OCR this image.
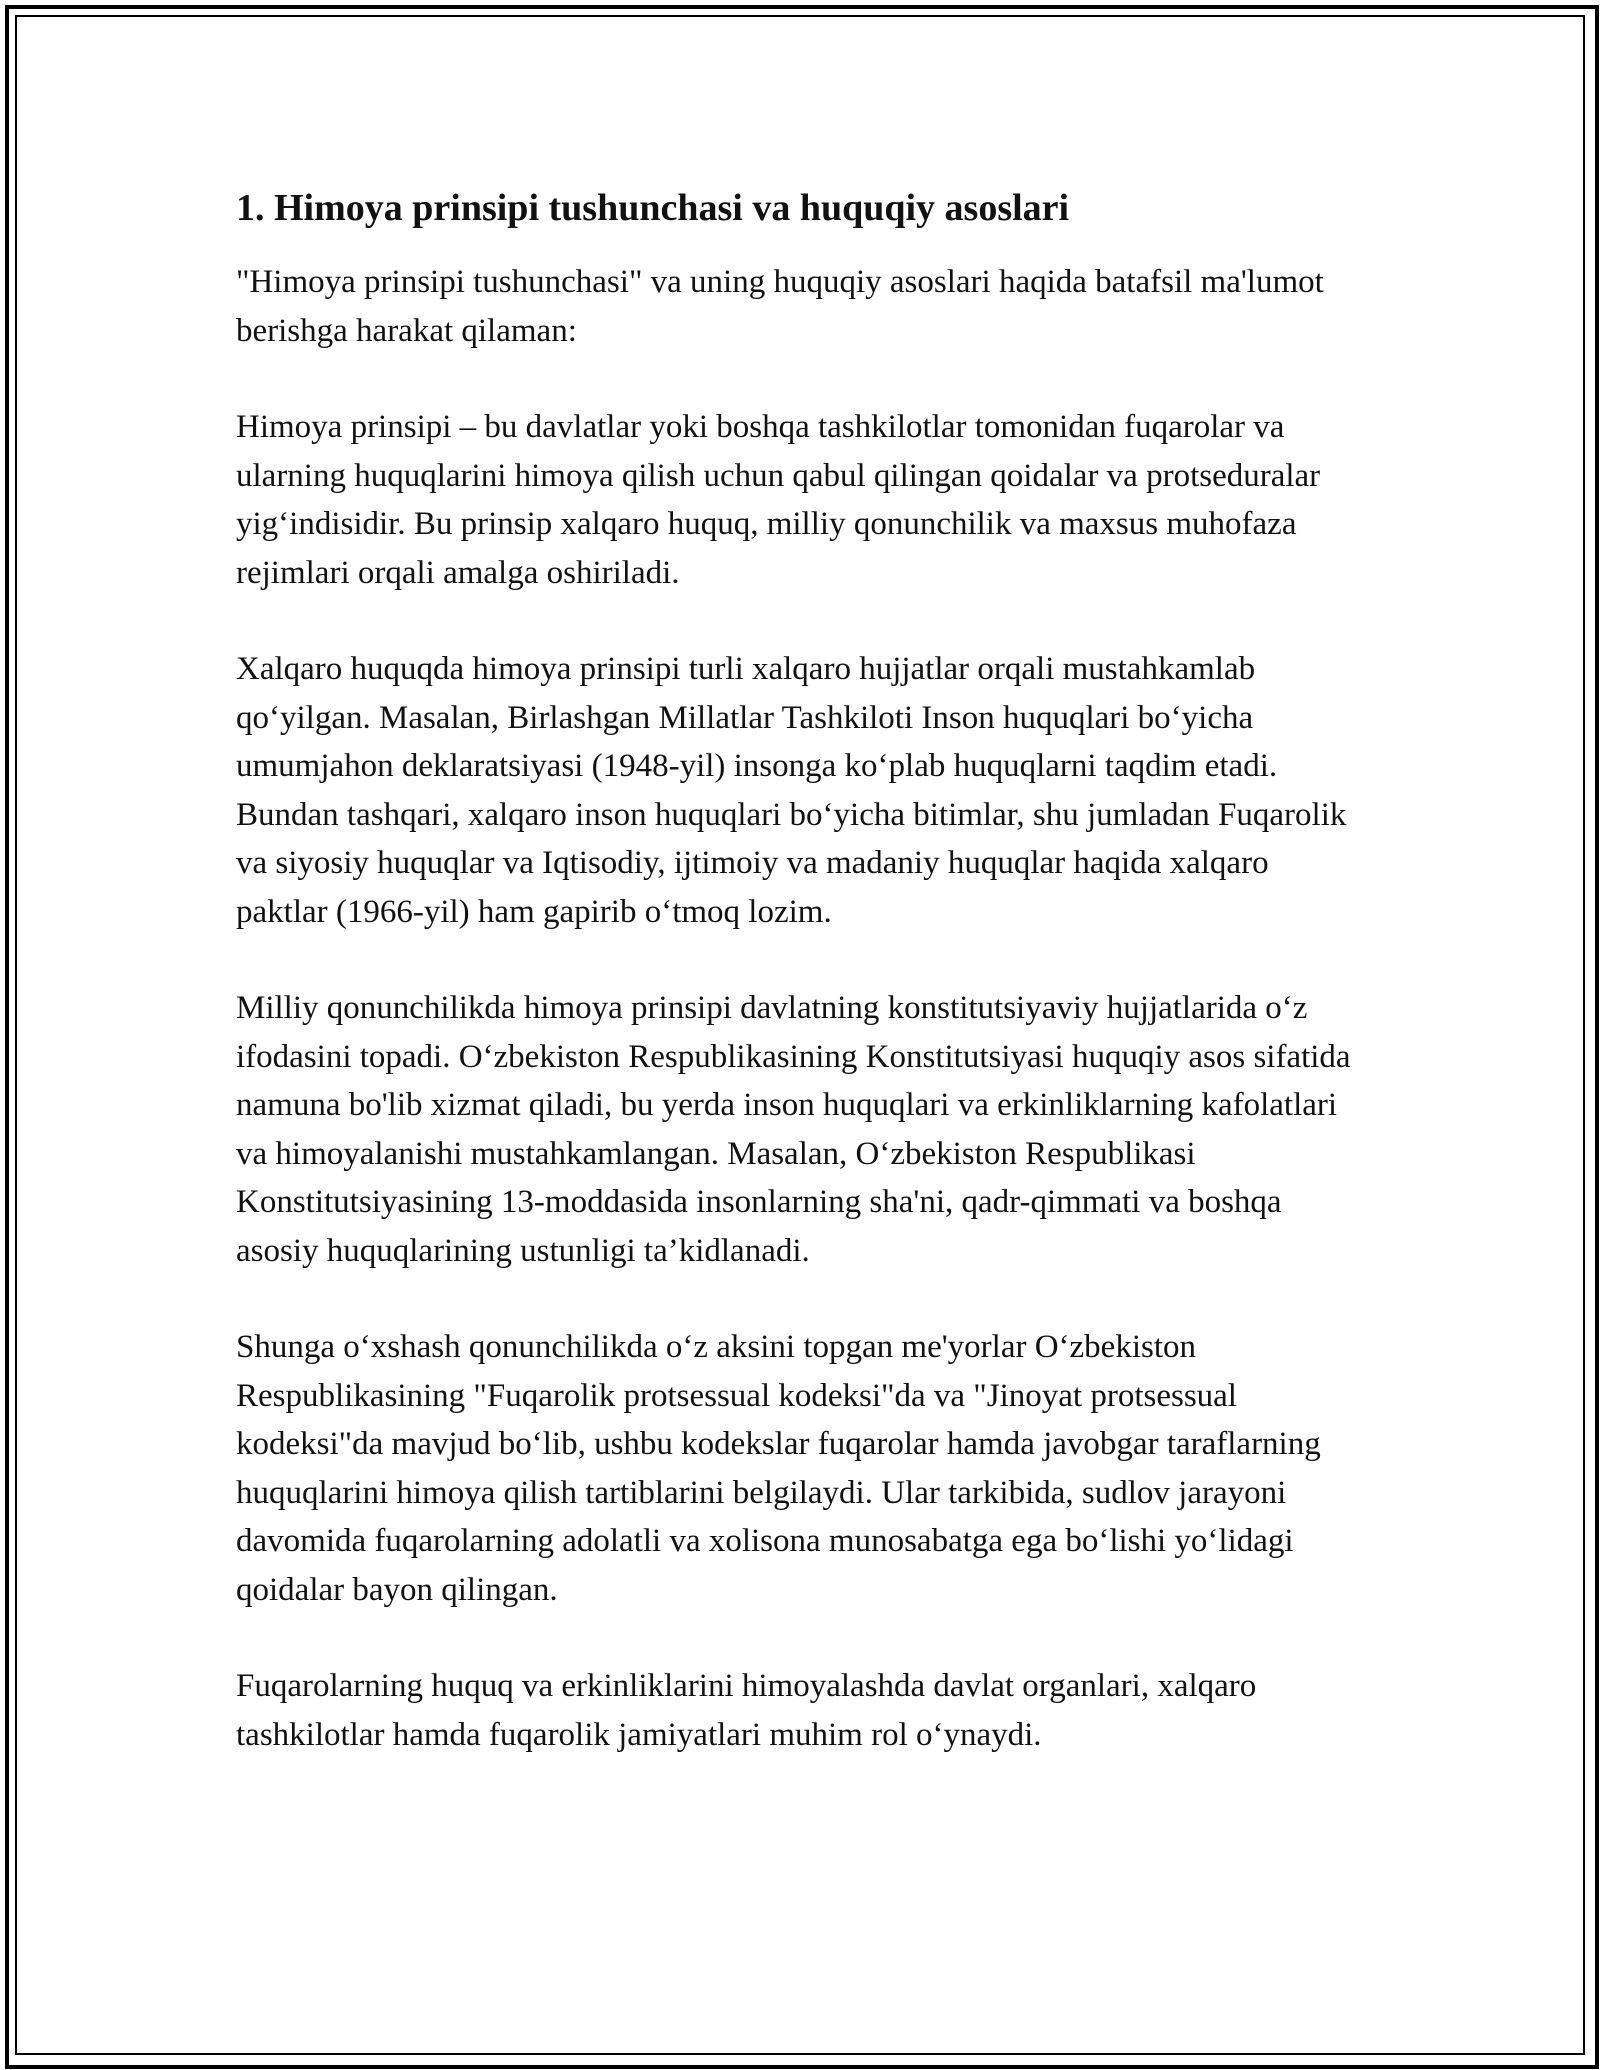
1. Himoya prinsipi tushunchasi va huquqiy asoslari

"Himoya prinsipi tushunchasi" va uning huquqiy asoslari haqida batafsil ma'lumot berishga harakat qilaman:

Himoya prinsipi – bu davlatlar yoki boshqa tashkilotlar tomonidan fuqarolar va ularning huquqlarini himoya qilish uchun qabul qilingan qoidalar va protseduralar yig‘indisidir. Bu prinsip xalqaro huquq, milliy qonunchilik va maxsus muhofaza rejimlari orqali amalga oshiriladi.

Xalqaro huquqda himoya prinsipi turli xalqaro hujjatlar orqali mustahkamlab qo‘yilgan. Masalan, Birlashgan Millatlar Tashkiloti Inson huquqlari bo‘yicha umumjahon deklaratsiyasi (1948-yil) insonga ko‘plab huquqlarni taqdim etadi. Bundan tashqari, xalqaro inson huquqlari bo‘yicha bitimlar, shu jumladan Fuqarolik va siyosiy huquqlar va Iqtisodiy, ijtimoiy va madaniy huquqlar haqida xalqaro paktlar (1966-yil) ham gapirib o‘tmoq lozim.

Milliy qonunchilikda himoya prinsipi davlatning konstitutsiyaviy hujjatlarida o‘z ifodasini topadi. O‘zbekiston Respublikasining Konstitutsiyasi huquqiy asos sifatida namuna bo'lib xizmat qiladi, bu yerda inson huquqlari va erkinliklarning kafolatlari va himoyalanishi mustahkamlangan. Masalan, O‘zbekiston Respublikasi Konstitutsiyasining 13-moddasida insonlarning sha'ni, qadr-qimmati va boshqa asosiy huquqlarining ustunligi ta’kidlanadi.

Shunga o‘xshash qonunchilikda o‘z aksini topgan me'yorlar O‘zbekiston Respublikasining "Fuqarolik protsessual kodeksi"da va "Jinoyat protsessual kodeksi"da mavjud bo‘lib, ushbu kodekslar fuqarolar hamda javobgar taraflarning huquqlarini himoya qilish tartiblarini belgilaydi. Ular tarkibida, sudlov jarayoni davomida fuqarolarning adolatli va xolisona munosabatga ega bo‘lishi yo‘lidagi qoidalar bayon qilingan.

Fuqarolarning huquq va erkinliklarini himoyalashda davlat organlari, xalqaro tashkilotlar hamda fuqarolik jamiyatlari muhim rol o‘ynaydi.
